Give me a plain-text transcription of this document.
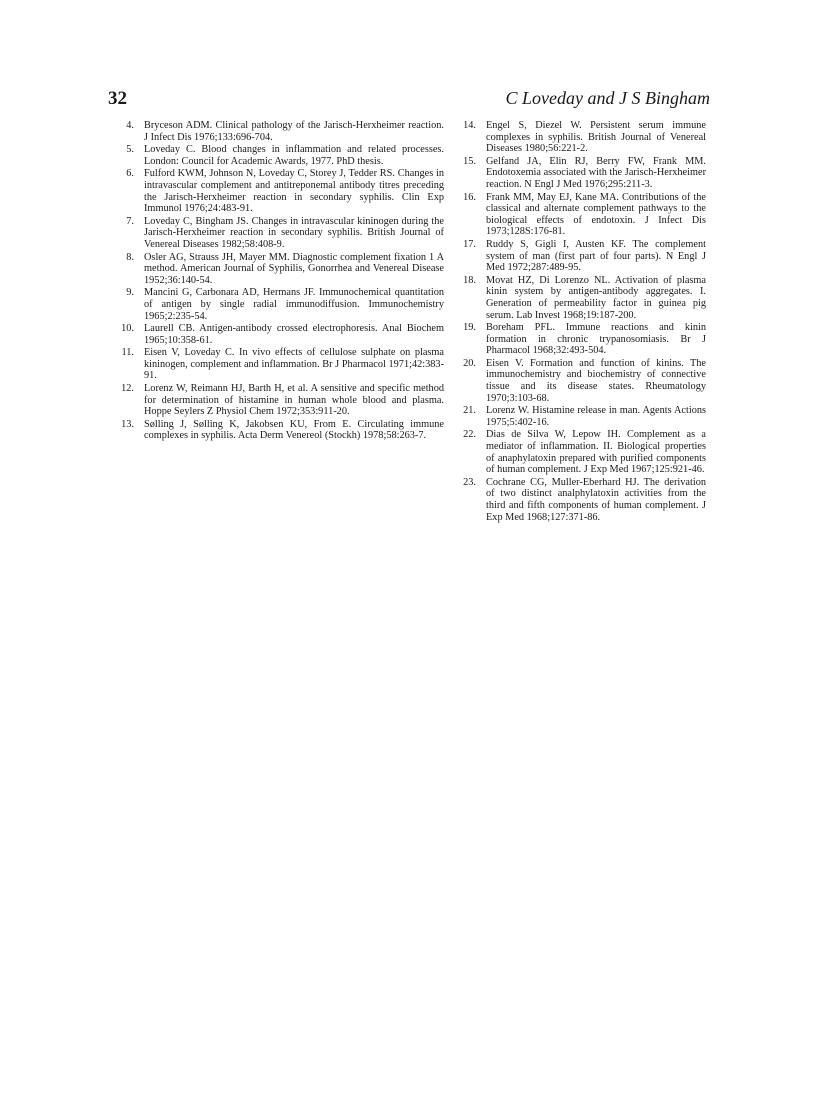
32	C Loveday and J S Bingham
4. Bryceson ADM. Clinical pathology of the Jarisch-Herxheimer reaction. J Infect Dis 1976;133:696-704.
5. Loveday C. Blood changes in inflammation and related processes. London: Council for Academic Awards, 1977. PhD thesis.
6. Fulford KWM, Johnson N, Loveday C, Storey J, Tedder RS. Changes in intravascular complement and antitreponemal antibody titres preceding the Jarisch-Herxheimer reaction in secondary syphilis. Clin Exp Immunol 1976;24:483-91.
7. Loveday C, Bingham JS. Changes in intravascular kininogen during the Jarisch-Herxheimer reaction in secondary syphilis. British Journal of Venereal Diseases 1982;58:408-9.
8. Osler AG, Strauss JH, Mayer MM. Diagnostic complement fixation 1 A method. American Journal of Syphilis, Gonorrhea and Venereal Disease 1952;36:140-54.
9. Mancini G, Carbonara AD, Hermans JF. Immunochemical quantitation of antigen by single radial immunodiffusion. Immunochemistry 1965;2:235-54.
10. Laurell CB. Antigen-antibody crossed electrophoresis. Anal Biochem 1965;10:358-61.
11. Eisen V, Loveday C. In vivo effects of cellulose sulphate on plasma kininogen, complement and inflammation. Br J Pharmacol 1971;42:383-91.
12. Lorenz W, Reimann HJ, Barth H, et al. A sensitive and specific method for determination of histamine in human whole blood and plasma. Hoppe Seylers Z Physiol Chem 1972;353:911-20.
13. Sølling J, Sølling K, Jakobsen KU, From E. Circulating immune complexes in syphilis. Acta Derm Venereol (Stockh) 1978;58:263-7.
14. Engel S, Diezel W. Persistent serum immune complexes in syphilis. British Journal of Venereal Diseases 1980;56:221-2.
15. Gelfand JA, Elin RJ, Berry FW, Frank MM. Endotoxemia associated with the Jarisch-Herxheimer reaction. N Engl J Med 1976;295:211-3.
16. Frank MM, May EJ, Kane MA. Contributions of the classical and alternate complement pathways to the biological effects of endotoxin. J Infect Dis 1973;128S:176-81.
17. Ruddy S, Gigli I, Austen KF. The complement system of man (first part of four parts). N Engl J Med 1972;287:489-95.
18. Movat HZ, Di Lorenzo NL. Activation of plasma kinin system by antigen-antibody aggregates. I. Generation of permeability factor in guinea pig serum. Lab Invest 1968;19:187-200.
19. Boreham PFL. Immune reactions and kinin formation in chronic trypanosomiasis. Br J Pharmacol 1968;32:493-504.
20. Eisen V. Formation and function of kinins. The immunochemistry and biochemistry of connective tissue and its disease states. Rheumatology 1970;3:103-68.
21. Lorenz W. Histamine release in man. Agents Actions 1975;5:402-16.
22. Dias de Silva W, Lepow IH. Complement as a mediator of inflammation. II. Biological properties of anaphylatoxin prepared with purified components of human complement. J Exp Med 1967;125:921-46.
23. Cochrane CG, Muller-Eberhard HJ. The derivation of two distinct analphylatoxin activities from the third and fifth components of human complement. J Exp Med 1968;127:371-86.
